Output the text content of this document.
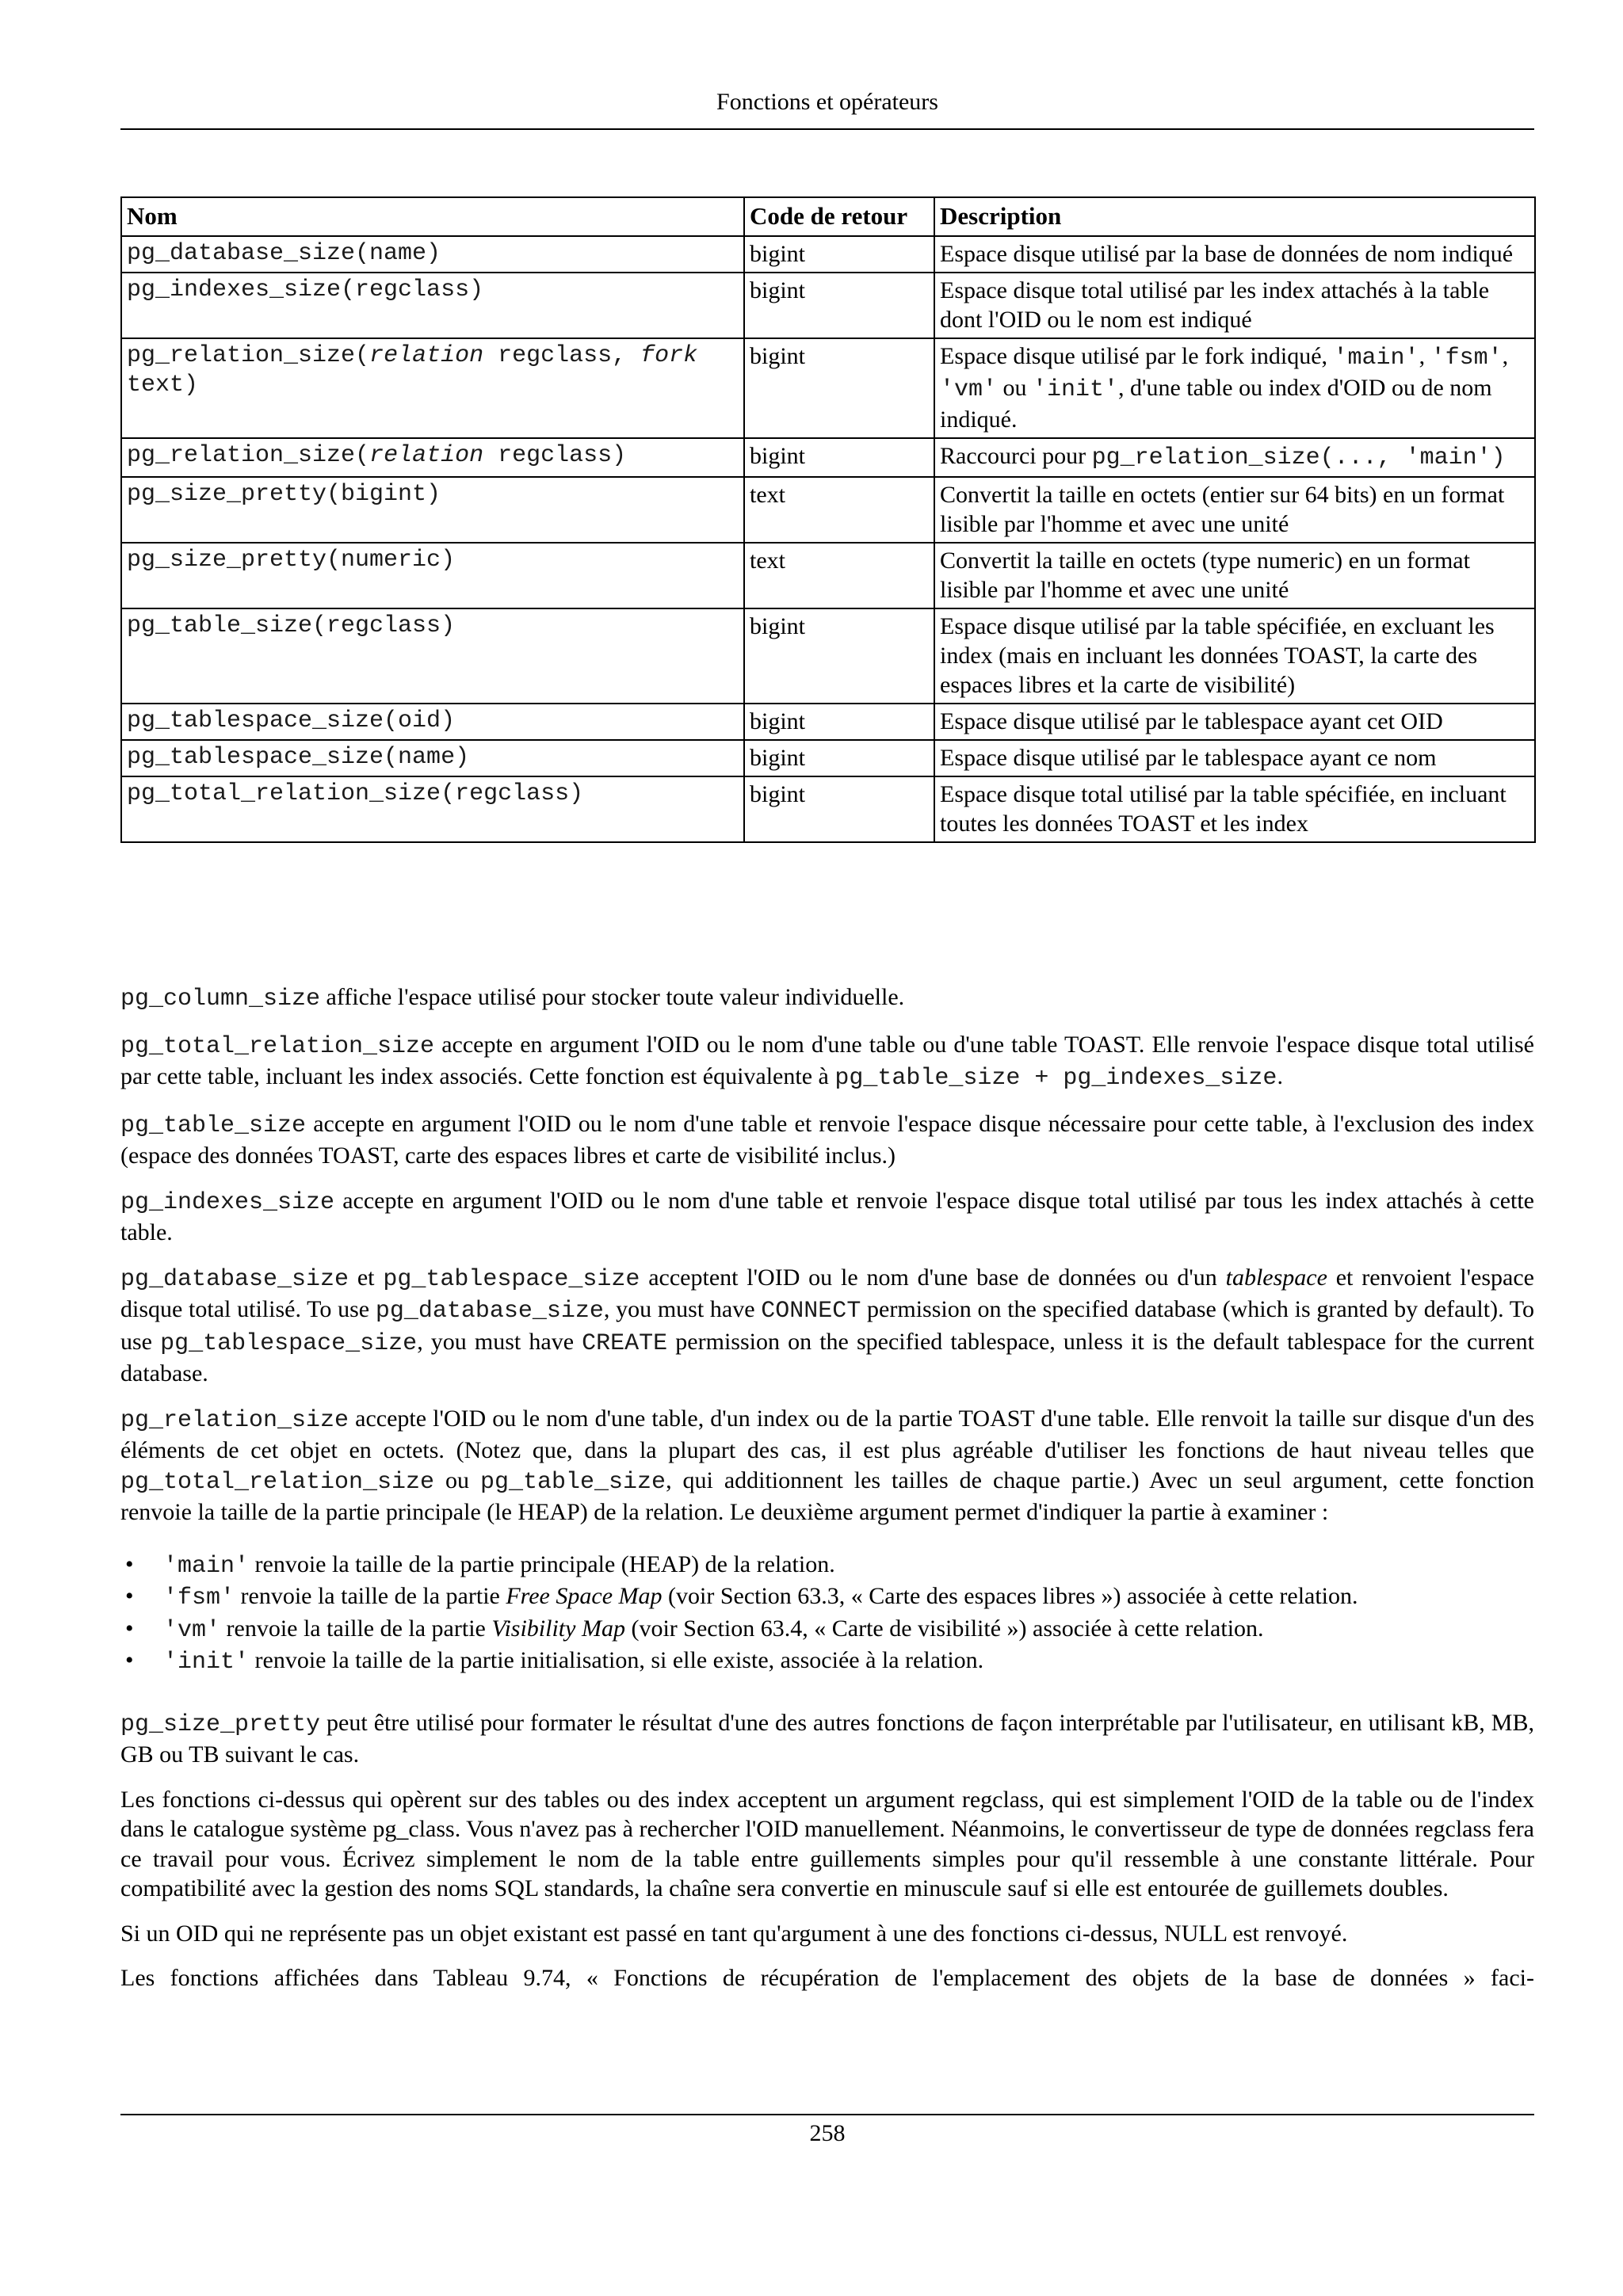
Fonctions et opérateurs
Nom	Code de retour	Description
pg_database_size(name)	bigint	Espace disque utilisé par la base de données de nom indiqué
pg_indexes_size(regclass)	bigint	Espace disque total utilisé par les index attachés à la table dont l'OID ou le nom est indiqué
pg_relation_size(relation regclass, fork text)	bigint	Espace disque utilisé par le fork indiqué, 'main', 'fsm', 'vm' ou 'init', d'une table ou index d'OID ou de nom indiqué.
pg_relation_size(relation regclass)	bigint	Raccourci pour pg_relation_size(..., 'main')
pg_size_pretty(bigint)	text	Convertit la taille en octets (entier sur 64 bits) en un format lisible par l'homme et avec une unité
pg_size_pretty(numeric)	text	Convertit la taille en octets (type numeric) en un format lisible par l'homme et avec une unité
pg_table_size(regclass)	bigint	Espace disque utilisé par la table spécifiée, en excluant les index (mais en incluant les données TOAST, la carte des espaces libres et la carte de visibilité)
pg_tablespace_size(oid)	bigint	Espace disque utilisé par le tablespace ayant cet OID
pg_tablespace_size(name)	bigint	Espace disque utilisé par le tablespace ayant ce nom
pg_total_relation_size(regclass)	bigint	Espace disque total utilisé par la table spécifiée, en incluant toutes les données TOAST et les index

pg_column_size affiche l'espace utilisé pour stocker toute valeur individuelle.

pg_total_relation_size accepte en argument l'OID ou le nom d'une table ou d'une table TOAST. Elle renvoie l'espace disque total utilisé par cette table, incluant les index associés. Cette fonction est équivalente à pg_table_size + pg_indexes_size.

pg_table_size accepte en argument l'OID ou le nom d'une table et renvoie l'espace disque nécessaire pour cette table, à l'exclusion des index (espace des données TOAST, carte des espaces libres et carte de visibilité inclus.)

pg_indexes_size accepte en argument l'OID ou le nom d'une table et renvoie l'espace disque total utilisé par tous les index attachés à cette table.

pg_database_size et pg_tablespace_size acceptent l'OID ou le nom d'une base de données ou d'un tablespace et renvoient l'espace disque total utilisé. To use pg_database_size, you must have CONNECT permission on the specified database (which is granted by default). To use pg_tablespace_size, you must have CREATE permission on the specified tablespace, unless it is the default tablespace for the current database.

pg_relation_size accepte l'OID ou le nom d'une table, d'un index ou de la partie TOAST d'une table. Elle renvoit la taille sur disque d'un des éléments de cet objet en octets. (Notez que, dans la plupart des cas, il est plus agréable d'utiliser les fonctions de haut niveau telles que pg_total_relation_size ou pg_table_size, qui additionnent les tailles de chaque partie.) Avec un seul argument, cette fonction renvoie la taille de la partie principale (le HEAP) de la relation. Le deuxième argument permet d'indiquer la partie à examiner :

• 'main' renvoie la taille de la partie principale (HEAP) de la relation.
• 'fsm' renvoie la taille de la partie Free Space Map (voir Section 63.3, « Carte des espaces libres ») associée à cette relation.
• 'vm' renvoie la taille de la partie Visibility Map (voir Section 63.4, « Carte de visibilité ») associée à cette relation.
• 'init' renvoie la taille de la partie initialisation, si elle existe, associée à la relation.

pg_size_pretty peut être utilisé pour formater le résultat d'une des autres fonctions de façon interprétable par l'utilisateur, en utilisant kB, MB, GB ou TB suivant le cas.

Les fonctions ci-dessus qui opèrent sur des tables ou des index acceptent un argument regclass, qui est simplement l'OID de la table ou de l'index dans le catalogue système pg_class. Vous n'avez pas à rechercher l'OID manuellement. Néanmoins, le convertisseur de type de données regclass fera ce travail pour vous. Écrivez simplement le nom de la table entre guillements simples pour qu'il ressemble à une constante littérale. Pour compatibilité avec la gestion des noms SQL standards, la chaîne sera convertie en minuscule sauf si elle est entourée de guillemets doubles.

Si un OID qui ne représente pas un objet existant est passé en tant qu'argument à une des fonctions ci-dessus, NULL est renvoyé.

Les fonctions affichées dans Tableau 9.74, « Fonctions de récupération de l'emplacement des objets de la base de données » faci-

258
